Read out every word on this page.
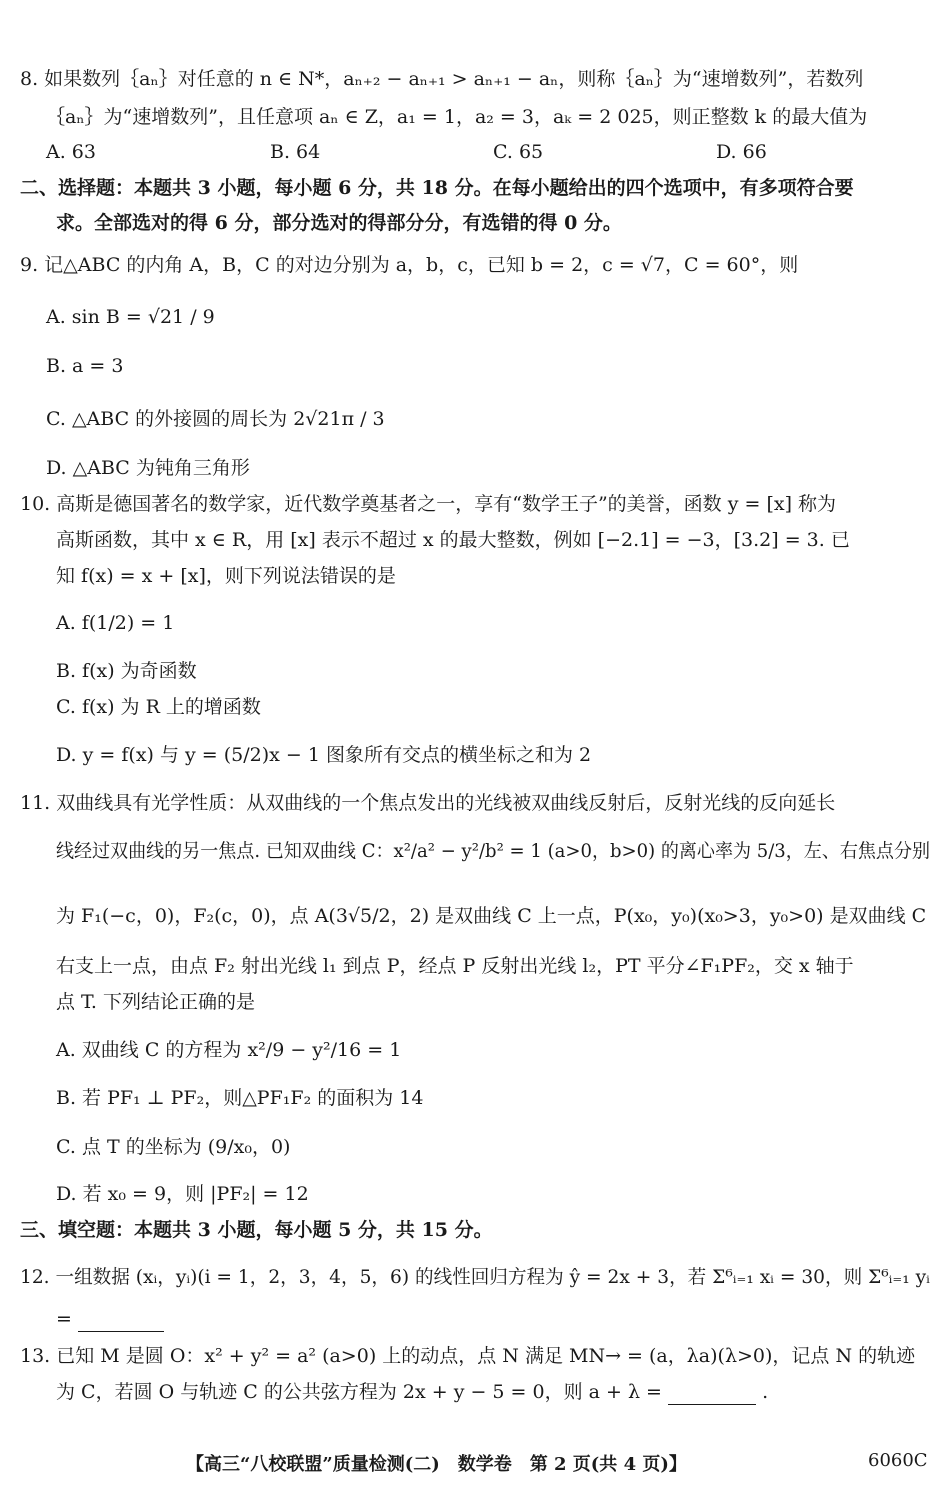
8. 如果数列｛aₙ｝对任意的 n ∈ N*，aₙ₊₂ − aₙ₊₁ > aₙ₊₁ − aₙ，则称｛aₙ｝为“速增数列”，若数列
｛aₙ｝为“速增数列”，且任意项 aₙ ∈ Z，a₁ = 1，a₂ = 3，aₖ = 2 025，则正整数 k 的最大值为
A. 63	B. 64	C. 65	D. 66
二、选择题：本题共 3 小题，每小题 6 分，共 18 分。在每小题给出的四个选项中，有多项符合要
求。全部选对的得 6 分，部分选对的得部分分，有选错的得 0 分。
9. 记△ABC 的内角 A，B，C 的对边分别为 a，b，c，已知 b = 2，c = √7，C = 60°，则
A. sin B = √21 / 9
B. a = 3
C. △ABC 的外接圆的周长为 2√21π / 3
D. △ABC 为钝角三角形
10. 高斯是德国著名的数学家，近代数学奠基者之一，享有“数学王子”的美誉，函数 y = [x] 称为
高斯函数，其中 x ∈ R，用 [x] 表示不超过 x 的最大整数，例如 [−2.1] = −3，[3.2] = 3. 已
知 f(x) = x + [x]，则下列说法错误的是
A. f(1/2) = 1
B. f(x) 为奇函数
C. f(x) 为 R 上的增函数
D. y = f(x) 与 y = (5/2)x − 1 图象所有交点的横坐标之和为 2
11. 双曲线具有光学性质：从双曲线的一个焦点发出的光线被双曲线反射后，反射光线的反向延长
线经过双曲线的另一焦点. 已知双曲线 C：x²/a² − y²/b² = 1 (a>0，b>0) 的离心率为 5/3，左、右焦点分别
为 F₁(−c，0)，F₂(c，0)，点 A(3√5/2，2) 是双曲线 C 上一点，P(x₀，y₀)(x₀>3，y₀>0) 是双曲线 C
右支上一点，由点 F₂ 射出光线 l₁ 到点 P，经点 P 反射出光线 l₂，PT 平分∠F₁PF₂，交 x 轴于
点 T. 下列结论正确的是
A. 双曲线 C 的方程为 x²/9 − y²/16 = 1
B. 若 PF₁ ⊥ PF₂，则△PF₁F₂ 的面积为 14
C. 点 T 的坐标为 (9/x₀，0)
D. 若 x₀ = 9，则 |PF₂| = 12
三、填空题：本题共 3 小题，每小题 5 分，共 15 分。
12. 一组数据 (xᵢ，yᵢ)(i = 1，2，3，4，5，6) 的线性回归方程为 ŷ = 2x + 3，若 Σ⁶ᵢ₌₁ xᵢ = 30，则 Σ⁶ᵢ₌₁ yᵢ
=
13. 已知 M 是圆 O：x² + y² = a² (a>0) 上的动点，点 N 满足 MN→ = (a，λa)(λ>0)，记点 N 的轨迹
为 C，若圆 O 与轨迹 C 的公共弦方程为 2x + y − 5 = 0，则 a + λ =	.
【高三“八校联盟”质量检测(二)　数学卷　第 2 页(共 4 页)】	6060C
